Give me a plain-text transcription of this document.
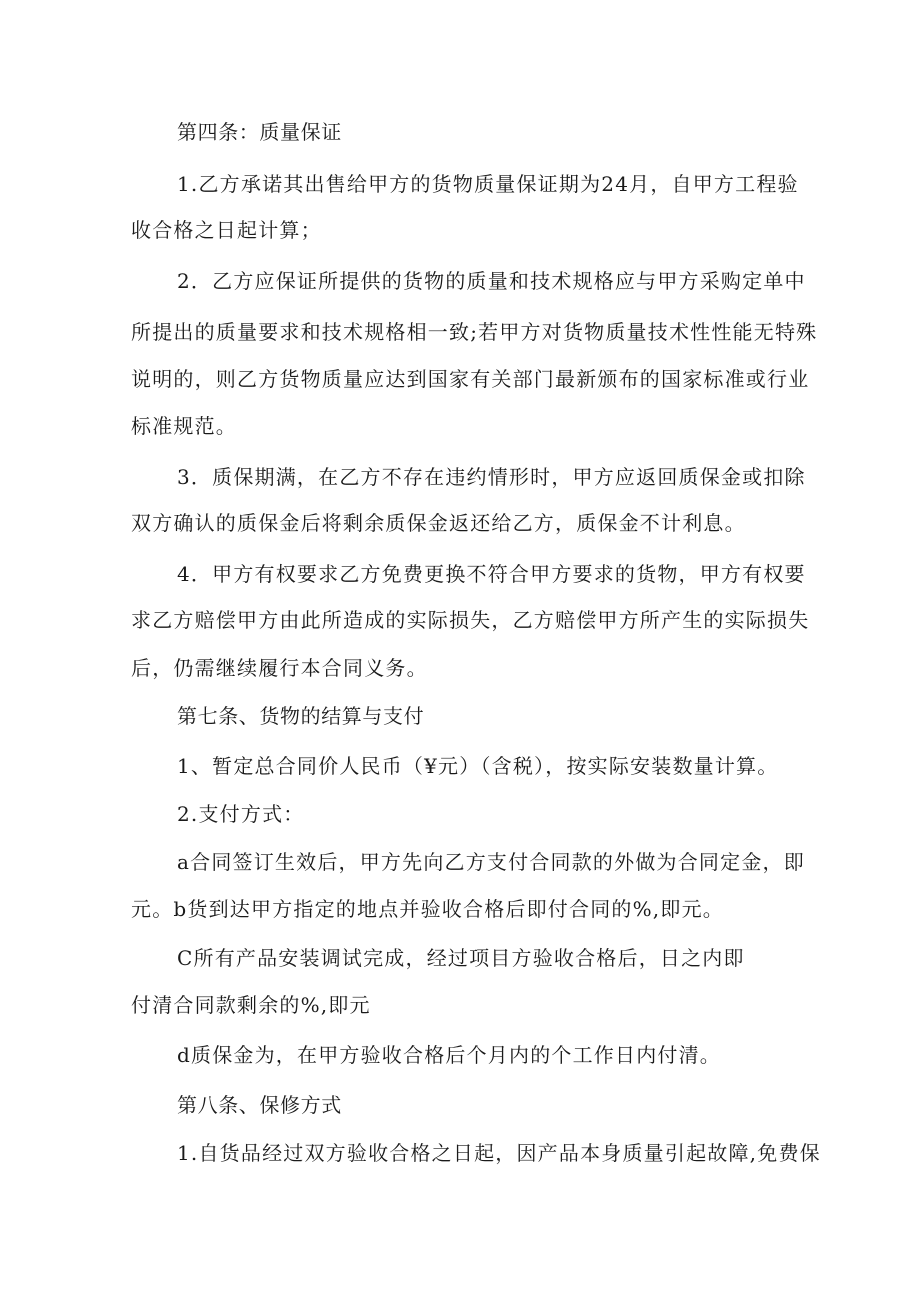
第四条：质量保证
1.乙方承诺其出售给甲方的货物质量保证期为24月，自甲方工程验
收合格之日起计算；
2．乙方应保证所提供的货物的质量和技术规格应与甲方采购定单中
所提出的质量要求和技术规格相一致;若甲方对货物质量技术性性能无特殊
说明的，则乙方货物质量应达到国家有关部门最新颁布的国家标准或行业
标准规范。
3．质保期满，在乙方不存在违约情形时，甲方应返回质保金或扣除
双方确认的质保金后将剩余质保金返还给乙方，质保金不计利息。
4．甲方有权要求乙方免费更换不符合甲方要求的货物，甲方有权要
求乙方赔偿甲方由此所造成的实际损失，乙方赔偿甲方所产生的实际损失
后，仍需继续履行本合同义务。
第七条、货物的结算与支付
1、暂定总合同价人民币（¥元）（含税），按实际安装数量计算。
2.支付方式：
a合同签订生效后，甲方先向乙方支付合同款的外做为合同定金，即
元。b货到达甲方指定的地点并验收合格后即付合同的%,即元。
C所有产品安装调试完成，经过项目方验收合格后，日之内即
付清合同款剩余的%,即元
d质保金为，在甲方验收合格后个月内的个工作日内付清。
第八条、保修方式
1.自货品经过双方验收合格之日起，因产品本身质量引起故障,免费保
